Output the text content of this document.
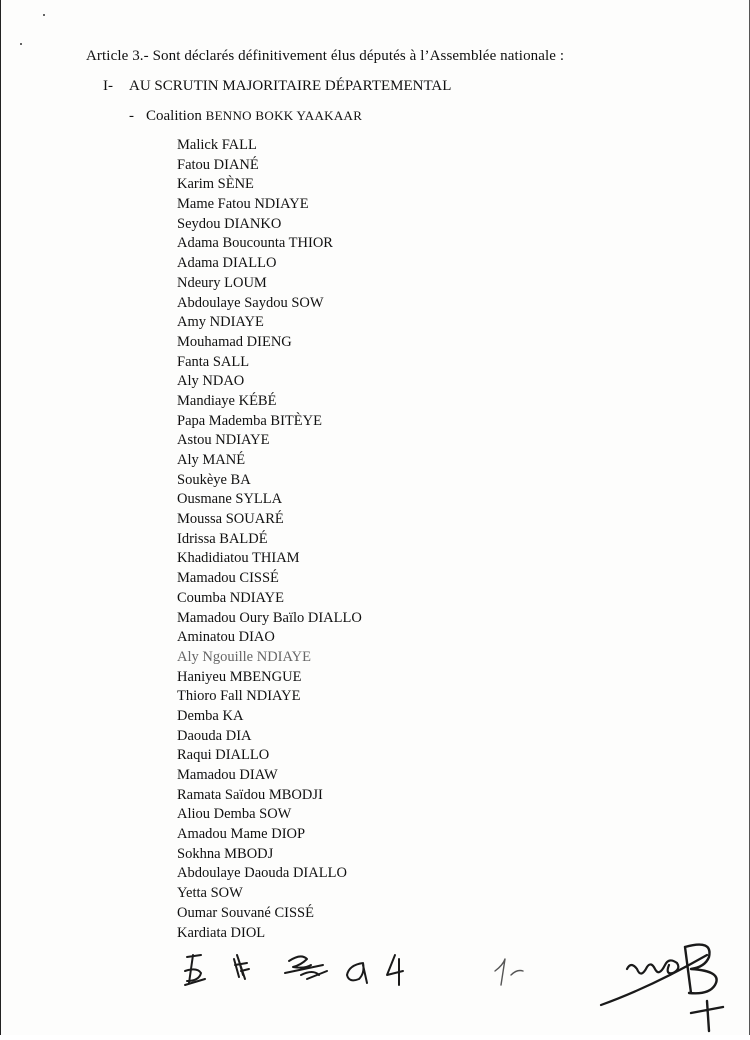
Article 3.- Sont déclarés définitivement élus députés à l’Assemblée nationale :
I- AU SCRUTIN MAJORITAIRE DÉPARTEMENTAL
- Coalition BENNO BOKK YAAKAAR
Malick FALL
Fatou DIANÉ
Karim SÈNE
Mame Fatou NDIAYE
Seydou DIANKO
Adama Boucounta THIOR
Adama DIALLO
Ndeury LOUM
Abdoulaye Saydou SOW
Amy NDIAYE
Mouhamad DIENG
Fanta SALL
Aly NDAO
Mandiaye KÉBÉ
Papa Mademba BITÈYE
Astou NDIAYE
Aly MANÉ
Soukèye BA
Ousmane SYLLA
Moussa SOUARÉ
Idrissa BALDÉ
Khadidiatou THIAM
Mamadou CISSÉ
Coumba NDIAYE
Mamadou Oury Baïlo DIALLO
Aminatou DIAO
Aly Ngouille NDIAYE
Haniyeu MBENGUE
Thioro Fall NDIAYE
Demba KA
Daouda DIA
Raqui DIALLO
Mamadou DIAW
Ramata Saïdou MBODJI
Aliou Demba SOW
Amadou Mame DIOP
Sokhna MBODJ
Abdoulaye Daouda DIALLO
Yetta SOW
Oumar Souvané CISSÉ
Kardiata DIOL
